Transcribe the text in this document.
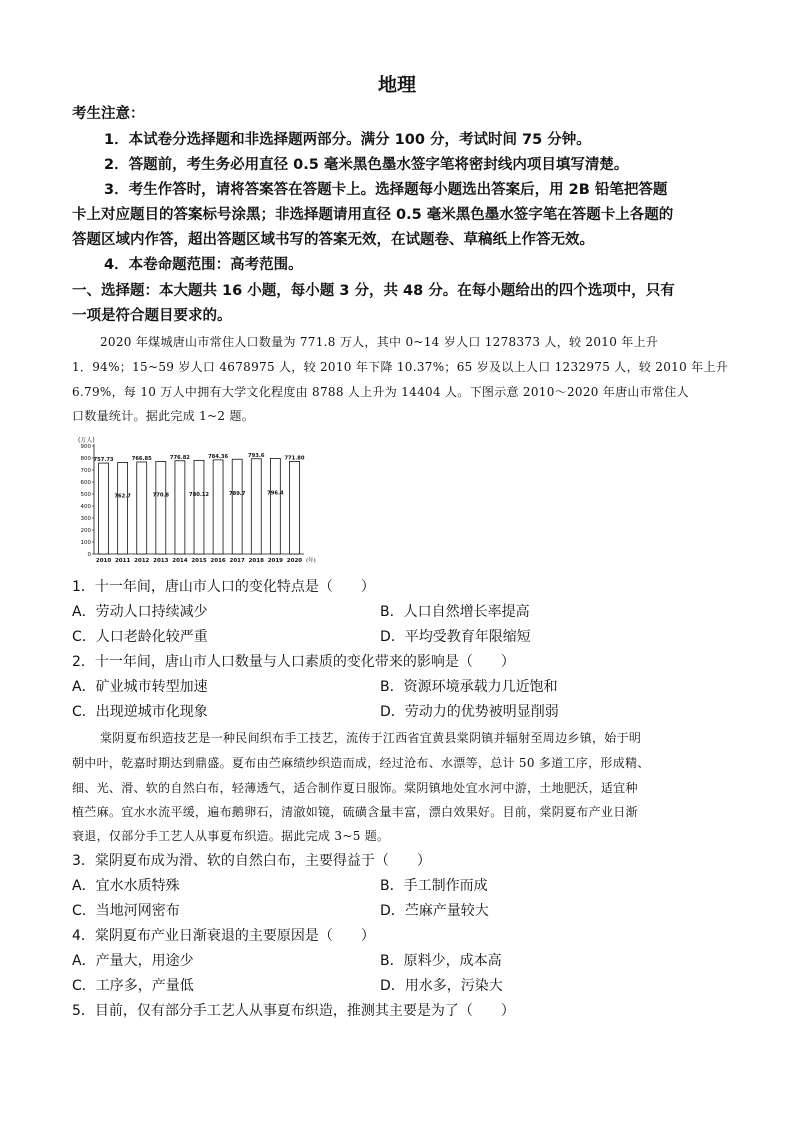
地理
考生注意：
1．本试卷分选择题和非选择题两部分。满分 100 分，考试时间 75 分钟。
2．答题前，考生务必用直径 0.5 毫米黑色墨水签字笔将密封线内项目填写清楚。
3．考生作答时，请将答案答在答题卡上。选择题每小题选出答案后，用 2B 铅笔把答题
卡上对应题目的答案标号涂黑；非选择题请用直径 0.5 毫米黑色墨水签字笔在答题卡上各题的
答题区域内作答，超出答题区域书写的答案无效，在试题卷、草稿纸上作答无效。
4．本卷命题范围：高考范围。
一、选择题：本大题共 16 小题，每小题 3 分，共 48 分。在每小题给出的四个选项中，只有
一项是符合题目要求的。
2020 年煤城唐山市常住人口数量为 771.8 万人，其中 0~14 岁人口 1278373 人，较 2010 年上升
1．94%；15~59 岁人口 4678975 人，较 2010 年下降 10.37%；65 岁及以上人口 1232975 人，较 2010 年上升
6.79%，每 10 万人中拥有大学文化程度由 8788 人上升为 14404 人。下图示意 2010～2020 年唐山市常住人
口数量统计。据此完成 1~2 题。
(万人)
0
100
200
300
400
500
600
700
800
900
757.73
2010
762.7
2011
766.85
2012
770.8
2013
776.82
2014
780.12
2015
784.36
2016
789.7
2017
793.6
2018
796.4
2019
771.80
2020 (年)
1．十一年间，唐山市人口的变化特点是（　　）
A．劳动人口持续减少	B．人口自然增长率提高
C．人口老龄化较严重	D．平均受教育年限缩短
2．十一年间，唐山市人口数量与人口素质的变化带来的影响是（　　）
A．矿业城市转型加速	B．资源环境承载力几近饱和
C．出现逆城市化现象	D．劳动力的优势被明显削弱
棠阴夏布织造技艺是一种民间织布手工技艺，流传于江西省宜黄县棠阴镇并辐射至周边乡镇，始于明
朝中叶，乾嘉时期达到鼎盛。夏布由苎麻绩纱织造而成，经过沧布、水漂等，总计 50 多道工序，形成精、
细、光、滑、软的自然白布，轻薄透气，适合制作夏日服饰。棠阴镇地处宜水河中游，土地肥沃，适宜种
植苎麻。宜水水流平缓，遍布鹅卵石，清澈如镜，硫磺含量丰富，漂白效果好。目前，棠阴夏布产业日渐
衰退，仅部分手工艺人从事夏布织造。据此完成 3~5 题。
3．棠阴夏布成为滑、软的自然白布，主要得益于（　　）
A．宜水水质特殊	B．手工制作而成
C．当地河网密布	D．苎麻产量较大
4．棠阴夏布产业日渐衰退的主要原因是（　　）
A．产量大，用途少	B．原料少，成本高
C．工序多，产量低	D．用水多，污染大
5．目前，仅有部分手工艺人从事夏布织造，推测其主要是为了（　　）
